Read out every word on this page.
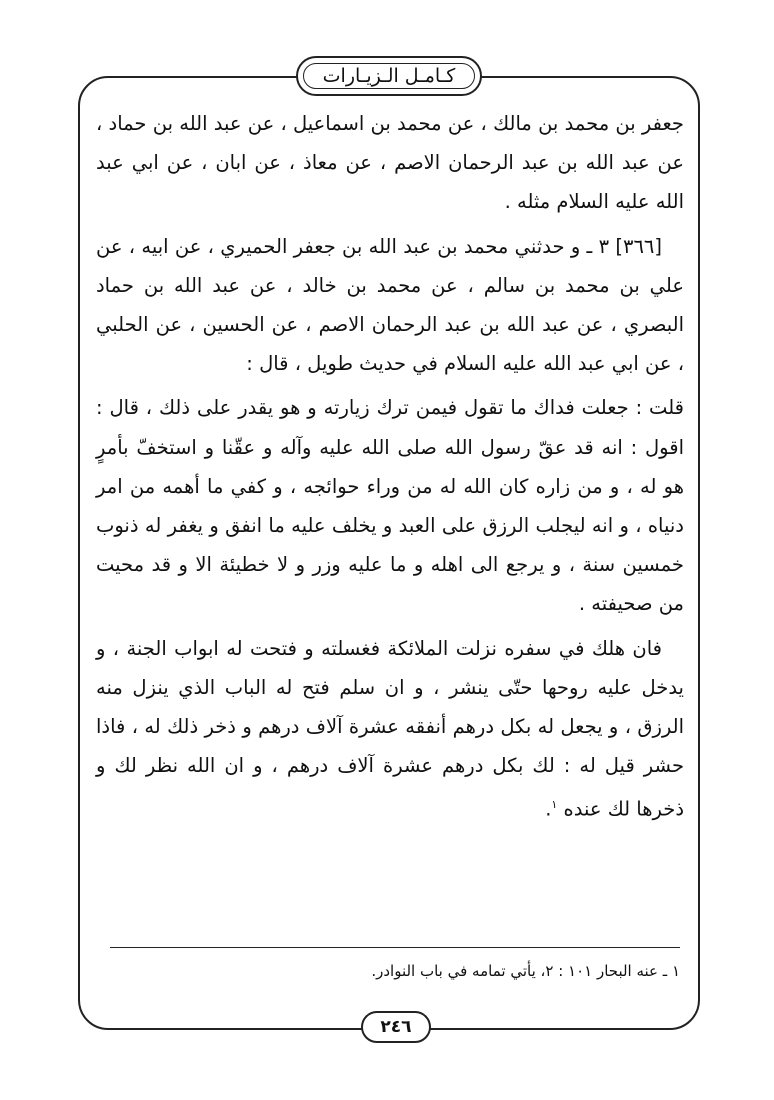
كـامـل الـزيـارات

جعفر بن محمد بن مالك ، عن محمد بن اسماعيل ، عن عبد الله بن حماد ، عن عبد الله بن عبد الرحمان الاصم ، عن معاذ ، عن ابان ، عن ابي عبد الله عليه السلام مثله .

[٣٦٦] ٣ ـ و حدثني محمد بن عبد الله بن جعفر الحميري ، عن ابيه ، عن علي بن محمد بن سالم ، عن محمد بن خالد ، عن عبد الله بن حماد البصري ، عن عبد الله بن عبد الرحمان الاصم ، عن الحسين ، عن الحلبي ، عن ابي عبد الله عليه السلام في حديث طويل ، قال :

قلت : جعلت فداك ما تقول فيمن ترك زيارته و هو يقدر على ذلك ، قال : اقول : انه قد عقّ رسول الله صلى الله عليه وآله و عقّنا و استخفّ بأمرٍ هو له ، و من زاره كان الله له من وراء حوائجه ، و كفي ما أهمه من امر دنياه ، و انه ليجلب الرزق على العبد و يخلف عليه ما انفق و يغفر له ذنوب خمسين سنة ، و يرجع الى اهله و ما عليه وزر و لا خطيئة الا و قد محيت من صحيفته .

فان هلك في سفره نزلت الملائكة فغسلته و فتحت له ابواب الجنة ، و يدخل عليه روحها حتّى ينشر ، و ان سلم فتح له الباب الذي ينزل منه الرزق ، و يجعل له بكل درهم أنفقه عشرة آلاف درهم و ذخر ذلك له ، فاذا حشر قيل له : لك بكل درهم عشرة آلاف درهم ، و ان الله نظر لك و ذخرها لك عنده $^١$.

١ ـ عنه البحار ١٠١ : ٢، يأتي تمامه في باب النوادر.
٢٤٦
